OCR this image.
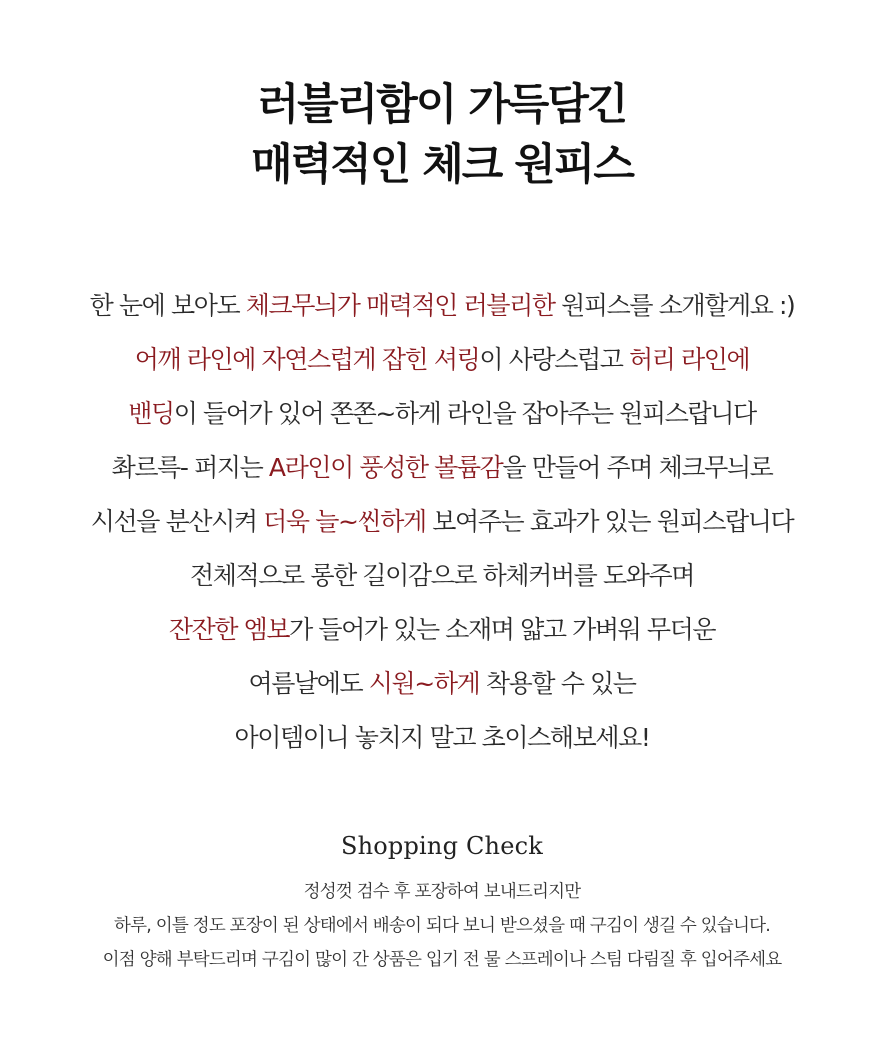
러블리함이 가득담긴
매력적인 체크 원피스
한 눈에 보아도 체크무늬가 매력적인 러블리한 원피스를 소개할게요 :)
어깨 라인에 자연스럽게 잡힌 셔링이 사랑스럽고 허리 라인에
밴딩이 들어가 있어 쫀쫀~하게 라인을 잡아주는 원피스랍니다
촤르륵- 퍼지는 A라인이 풍성한 볼륨감을 만들어 주며 체크무늬로
시선을 분산시켜 더욱 늘~씬하게 보여주는 효과가 있는 원피스랍니다
전체적으로 롱한 길이감으로 하체커버를 도와주며
잔잔한 엠보가 들어가 있는 소재며 얇고 가벼워 무더운
여름날에도 시원~하게 착용할 수 있는
아이템이니 놓치지 말고 초이스해보세요!
Shopping Check
정성껏 검수 후 포장하여 보내드리지만
하루, 이틀 정도 포장이 된 상태에서 배송이 되다 보니 받으셨을 때 구김이 생길 수 있습니다.
이점 양해 부탁드리며 구김이 많이 간 상품은 입기 전 물 스프레이나 스팀 다림질 후 입어주세요
